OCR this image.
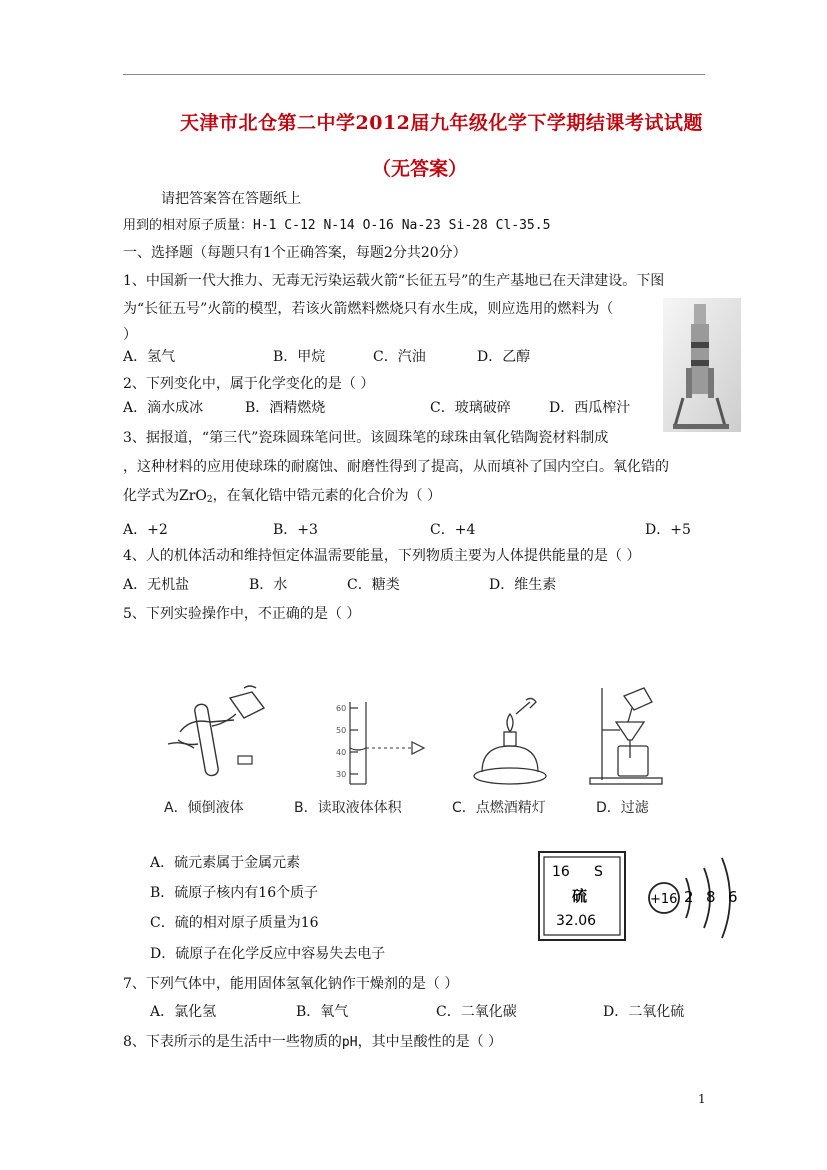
天津市北仓第二中学2012届九年级化学下学期结课考试试题
（无答案）
请把答案答在答题纸上
用到的相对原子质量：H-1 C-12 N-14 O-16 Na-23 Si-28 Cl-35.5
一、选择题（每题只有1个正确答案，每题2分共20分）
1、中国新一代大推力、无毒无污染运载火箭“长征五号”的生产基地已在天津建设。下图
为“长征五号”火箭的模型，若该火箭燃料燃烧只有水生成，则应选用的燃料为（
）
A．氢气	B．甲烷	C．汽油	D．乙醇
2、下列变化中，属于化学变化的是（ ）
A．滴水成冰	B．酒精燃烧	C．玻璃破碎	D．西瓜榨汁
3、据报道，“第三代”瓷珠圆珠笔问世。该圆珠笔的球珠由氧化锆陶瓷材料制成
，这种材料的应用使球珠的耐腐蚀、耐磨性得到了提高，从而填补了国内空白。氧化锆的
化学式为ZrO$_2$，在氧化锆中锆元素的化合价为（ ）
A．+2	B．+3	C．+4	D．+5
4、人的机体活动和维持恒定体温需要能量，下列物质主要为人体提供能量的是（ ）
A．无机盐	B．水	C．糖类	D．维生素
5、下列实验操作中，不正确的是（ ）
60
50
40
30
A．倾倒液体	B．读取液体体积	C．点燃酒精灯	D．过滤
A．硫元素属于金属元素
B．硫原子核内有16个质子
C．硫的相对原子质量为16
D．硫原子在化学反应中容易失去电子
16 S
硫
32.06
+16 2 8 6
7、下列气体中，能用固体氢氧化钠作干燥剂的是（ ）
A．氯化氢	B．氧气	C．二氧化碳	D．二氧化硫
8、下表所示的是生活中一些物质的pH，其中呈酸性的是（ ）
1
